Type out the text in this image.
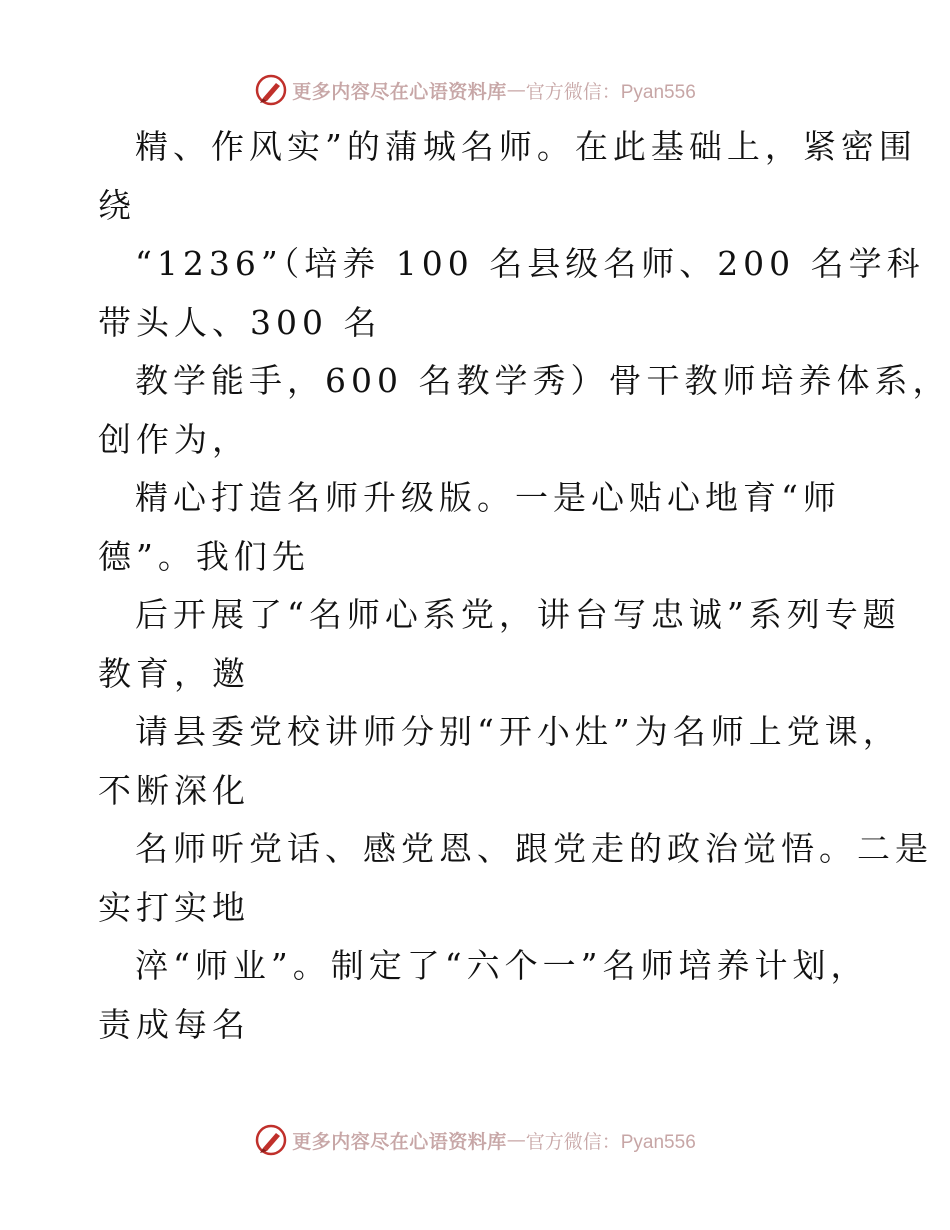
更多内容尽在心语资料库 — 官方微信：Pyan556
精、作风实”的蒲城名师。在此基础上，紧密围
绕
“1236”（培养 100 名县级名师、200 名学科
带头人、300 名
教学能手，600 名教学秀）骨干教师培养体系，
创作为，
精心打造名师升级版。一是心贴心地育“师
德”。我们先
后开展了“名师心系党，讲台写忠诚”系列专题
教育，邀
请县委党校讲师分别“开小灶”为名师上党课，
不断深化
名师听党话、感党恩、跟党走的政治觉悟。二是
实打实地
淬“师业”。制定了“六个一”名师培养计划，
责成每名
更多内容尽在心语资料库 — 官方微信：Pyan556
